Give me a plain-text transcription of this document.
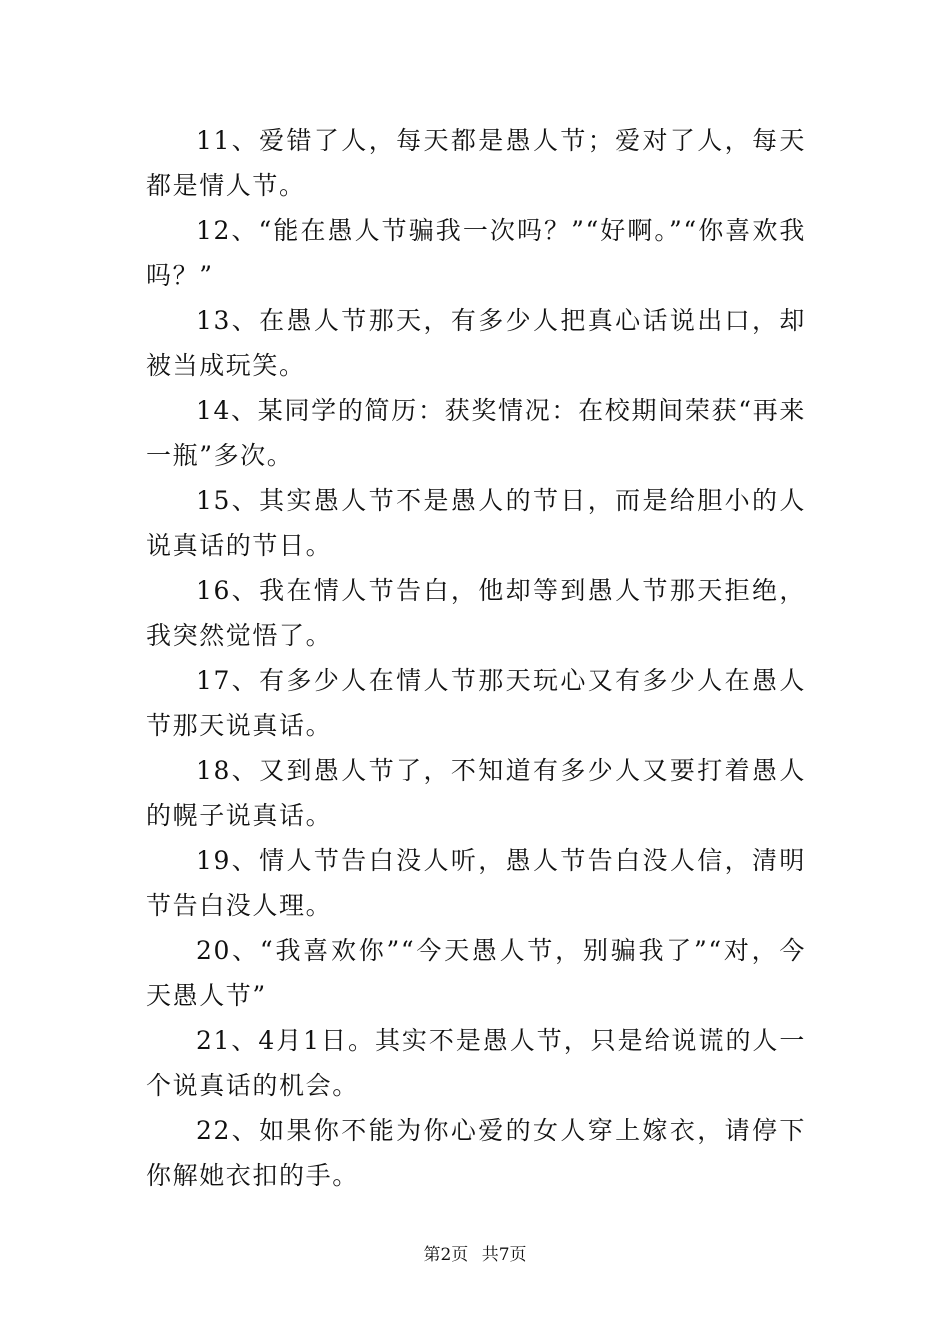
11、爱错了人，每天都是愚人节；爱对了人，每天都是情人节。

12、“能在愚人节骗我一次吗？”“好啊。”“你喜欢我吗？”

13、在愚人节那天，有多少人把真心话说出口，却被当成玩笑。

14、某同学的简历：获奖情况：在校期间荣获“再来一瓶”多次。

15、其实愚人节不是愚人的节日，而是给胆小的人说真话的节日。

16、我在情人节告白，他却等到愚人节那天拒绝，我突然觉悟了。

17、有多少人在情人节那天玩心又有多少人在愚人节那天说真话。

18、又到愚人节了，不知道有多少人又要打着愚人的幌子说真话。

19、情人节告白没人听，愚人节告白没人信，清明节告白没人理。

20、“我喜欢你”“今天愚人节，别骗我了”“对，今天愚人节”

21、4月1日。其实不是愚人节，只是给说谎的人一个说真话的机会。

22、如果你不能为你心爱的女人穿上嫁衣，请停下你解她衣扣的手。

第2页 共7页
